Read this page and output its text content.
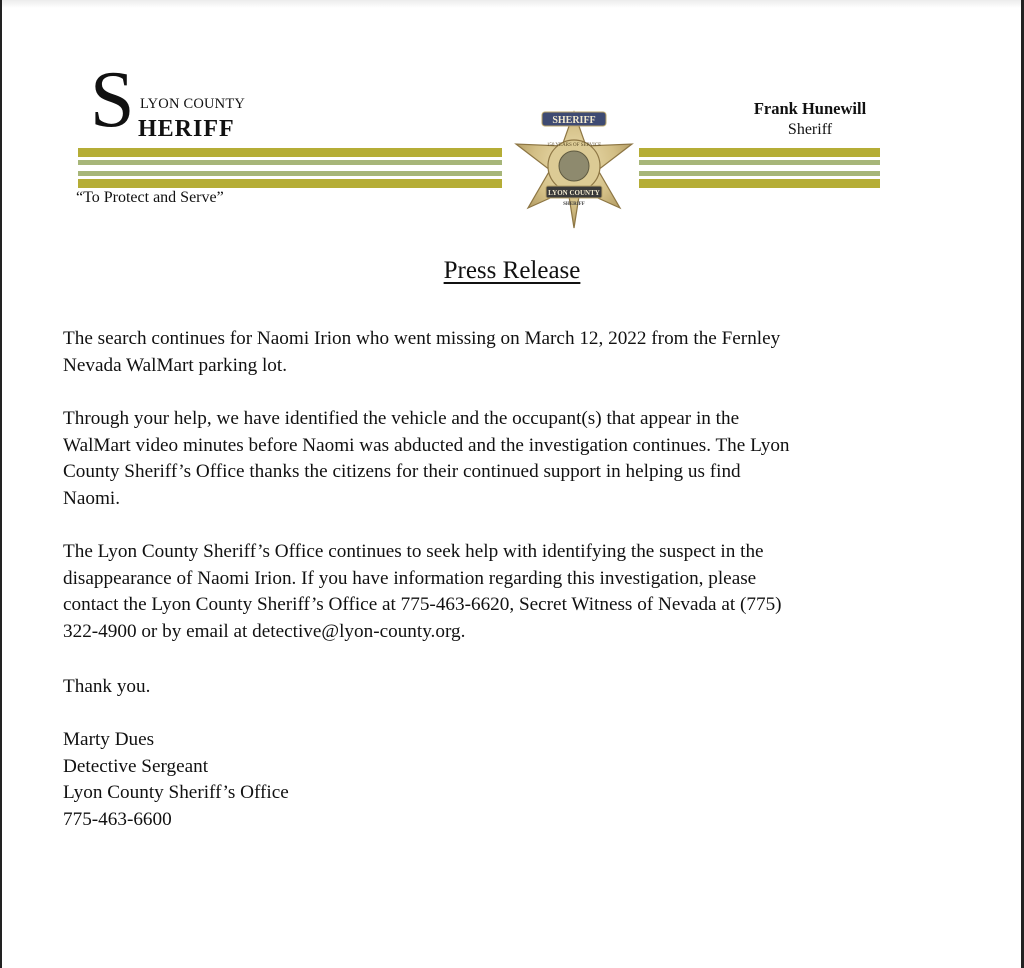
S LYON COUNTY
HERIFF
“To Protect and Serve”
SHERIFF
150 YEARS OF SERVICE
LYON COUNTY
SHERIFF
Frank Hunewill
Sheriff
Press Release

The search continues for Naomi Irion who went missing on March 12, 2022 from the Fernley
Nevada WalMart parking lot.

Through your help, we have identified the vehicle and the occupant(s) that appear in the
WalMart video minutes before Naomi was abducted and the investigation continues. The Lyon
County Sheriff’s Office thanks the citizens for their continued support in helping us find
Naomi.

The Lyon County Sheriff’s Office continues to seek help with identifying the suspect in the
disappearance of Naomi Irion. If you have information regarding this investigation, please
contact the Lyon County Sheriff’s Office at 775-463-6620, Secret Witness of Nevada at (775)
322-4900 or by email at detective@lyon-county.org.

Thank you.
Marty Dues
Detective Sergeant
Lyon County Sheriff’s Office
775-463-6600
